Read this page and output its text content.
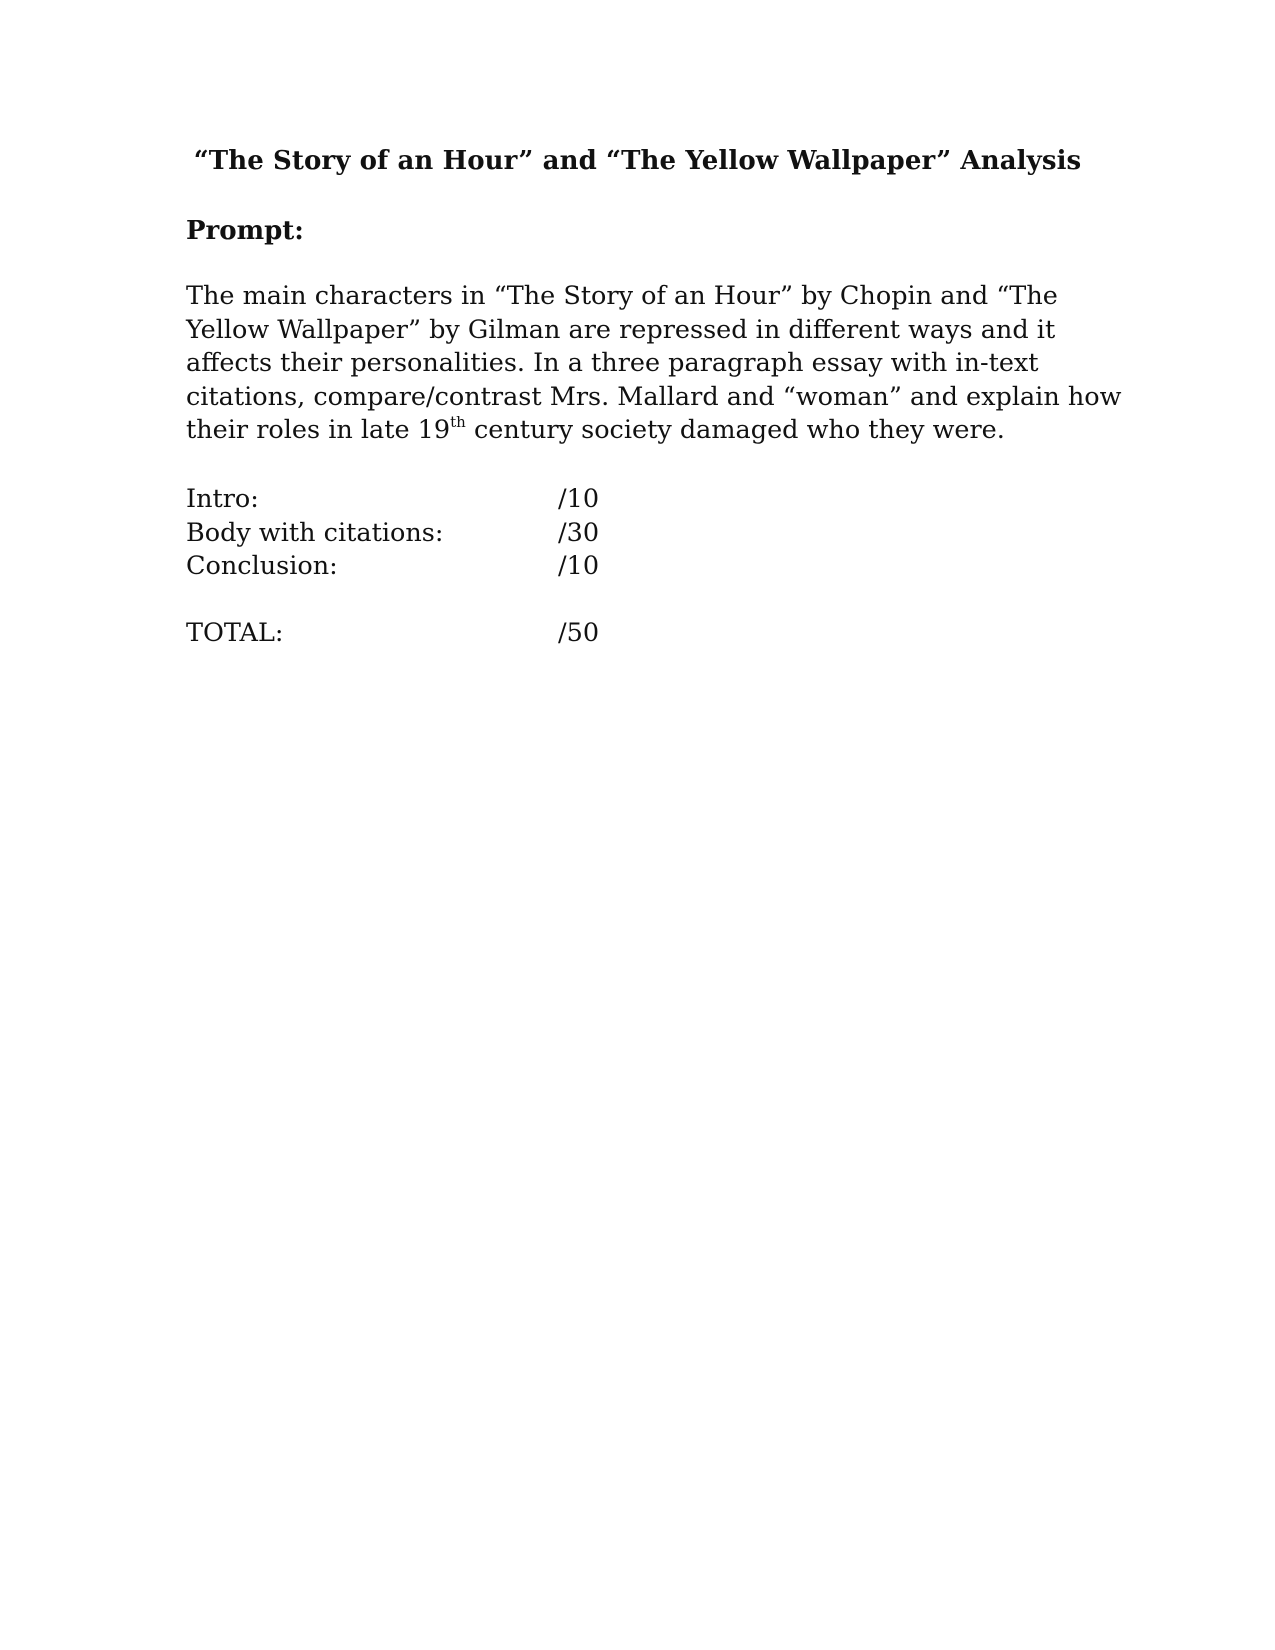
“The Story of an Hour” and “The Yellow Wallpaper” Analysis
Prompt:

The main characters in “The Story of an Hour” by Chopin and “The
Yellow Wallpaper” by Gilman are repressed in different ways and it
affects their personalities. In a three paragraph essay with in-text
citations, compare/contrast Mrs. Mallard and “woman” and explain how
their roles in late 19th century society damaged who they were.

Intro:	/10
Body with citations:	/30
Conclusion:	/10
TOTAL:	/50
